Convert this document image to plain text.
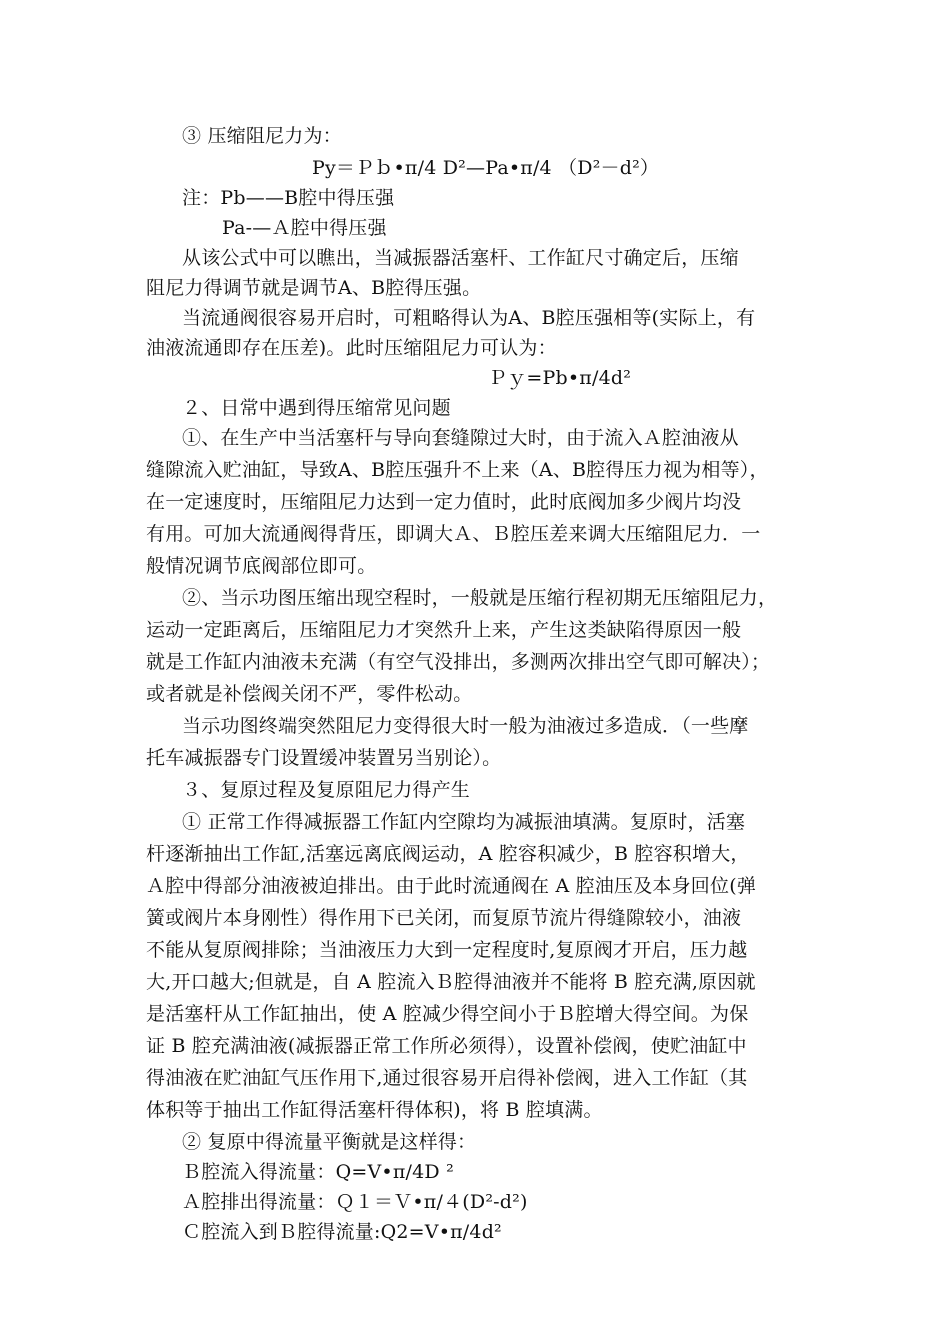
③ 压缩阻尼力为：
Py＝Ｐｂ•π/4 D²—Pa•π/4 （D²－d²）
注：Pb——B腔中得压强
Pa-—Ａ腔中得压强
从该公式中可以瞧出，当减振器活塞杆、工作缸尺寸确定后，压缩
阻尼力得调节就是调节A、B腔得压强。
当流通阀很容易开启时，可粗略得认为A、B腔压强相等(实际上，有
油液流通即存在压差)。此时压缩阻尼力可认为：
Ｐｙ=Pb•π/4d²
２、日常中遇到得压缩常见问题
①、在生产中当活塞杆与导向套缝隙过大时，由于流入Ａ腔油液从
缝隙流入贮油缸，导致A、B腔压强升不上来（A、B腔得压力视为相等），
在一定速度时，压缩阻尼力达到一定力值时，此时底阀加多少阀片均没
有用。可加大流通阀得背压，即调大Ａ、Ｂ腔压差来调大压缩阻尼力．一
般情况调节底阀部位即可。
②、当示功图压缩出现空程时，一般就是压缩行程初期无压缩阻尼力，
运动一定距离后，压缩阻尼力才突然升上来，产生这类缺陷得原因一般
就是工作缸内油液未充满（有空气没排出，多测两次排出空气即可解决）；
或者就是补偿阀关闭不严，零件松动。
当示功图终端突然阻尼力变得很大时一般为油液过多造成．（一些摩
托车减振器专门设置缓冲装置另当别论）。
３、复原过程及复原阻尼力得产生
① 正常工作得减振器工作缸内空隙均为减振油填满。复原时，活塞
杆逐渐抽出工作缸,活塞远离底阀运动，A 腔容积减少，B 腔容积增大，
Ａ腔中得部分油液被迫排出。由于此时流通阀在 A 腔油压及本身回位(弹
簧或阀片本身刚性）得作用下已关闭，而复原节流片得缝隙较小，油液
不能从复原阀排除；当油液压力大到一定程度时,复原阀才开启，压力越
大,开口越大;但就是，自 A 腔流入Ｂ腔得油液并不能将 B 腔充满,原因就
是活塞杆从工作缸抽出，使 A 腔减少得空间小于Ｂ腔增大得空间。为保
证 B 腔充满油液(减振器正常工作所必须得），设置补偿阀，使贮油缸中
得油液在贮油缸气压作用下,通过很容易开启得补偿阀，进入工作缸（其
体积等于抽出工作缸得活塞杆得体积)，将 B 腔填满。
② 复原中得流量平衡就是这样得：
Ｂ腔流入得流量：Q=V•π/4D ²
Ａ腔排出得流量：Ｑ１＝Ｖ•π/４(D²-d²)
Ｃ腔流入到Ｂ腔得流量:Q2=V•π/4d²
